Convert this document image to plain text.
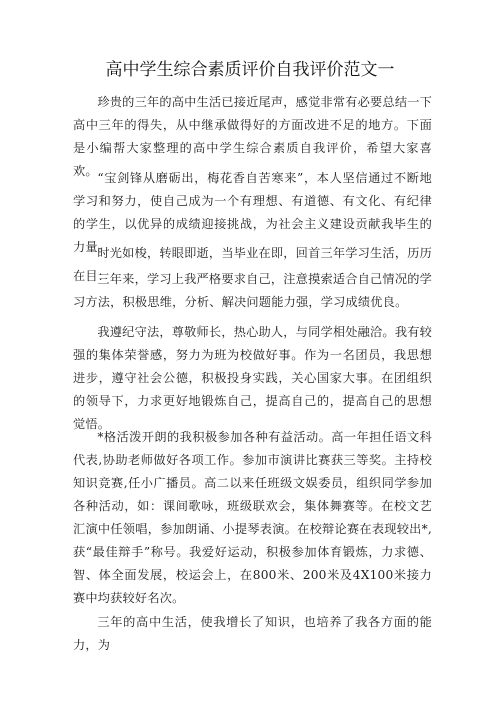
高中学生综合素质评价自我评价范文一

珍贵的三年的高中生活已接近尾声，感觉非常有必要总结一下高中三年的得失，从中继承做得好的方面改进不足的地方。下面是小编帮大家整理的高中学生综合素质自我评价，希望大家喜欢。 “宝剑锋从磨砺出，梅花香自苦寒来”，本人坚信通过不断地学习和努力，使自己成为一个有理想、有道德、有文化、有纪律的学生，以优异的成绩迎接挑战，为社会主义建设贡献我毕生的力量。

时光如梭，转眼即逝，当毕业在即，回首三年学习生活，历历在目：

三年来，学习上我严格要求自己，注意摸索适合自己情况的学习方法，积极思维，分析、解决问题能力强，学习成绩优良。

我遵纪守法，尊敬师长，热心助人，与同学相处融洽。我有较强的集体荣誉感，努力为班为校做好事。作为一名团员，我思想进步，遵守社会公德，积极投身实践，关心国家大事。在团组织的领导下，力求更好地锻炼自己，提高自己的，提高自己的思想觉悟。

*格活泼开朗的我积极参加各种有益活动。高一年担任语文科代表,协助老师做好各项工作。参加市演讲比赛获三等奖。主持校知识竞赛,任小广播员。高二以来任班级文娱委员，组织同学参加各种活动，如：课间歌咏，班级联欢会，集体舞赛等。在校文艺汇演中任领唱，参加朗诵、小提琴表演。在校辩论赛在表现较出*,获“最佳辩手”称号。我爱好运动，积极参加体育锻炼，力求德、智、体全面发展，校运会上，在800米、200米及4X100米接力赛中均获较好名次。

三年的高中生活，使我增长了知识，也培养了我各方面的能力，为
